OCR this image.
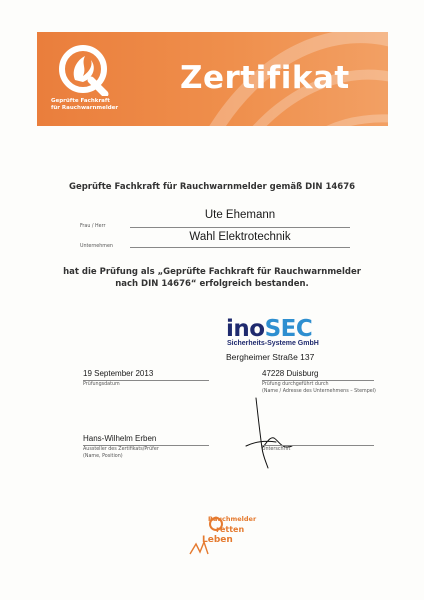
Geprüfte Fachkraft
für Rauchwarnmelder
Zertifikat
Geprüfte Fachkraft für Rauchwarnmelder gemäß DIN 14676
Frau / Herr
Ute Ehemann
Unternehmen
Wahl Elektrotechnik
hat die Prüfung als „Geprüfte Fachkraft für Rauchwarnmelder
nach DIN 14676“ erfolgreich bestanden.
inoSEC
Sicherheits-Systeme GmbH
Bergheimer Straße 137
19 September 2013
Prüfungsdatum
47228 Duisburg
Prüfung durchgeführt durch
(Name / Adresse des Unternehmens – Stempel)
Hans-Wilhelm Erben
Aussteller des Zertifikats/Prüfer
(Name, Position)
Unterschrift
Rauchmelder
retten
Leben
